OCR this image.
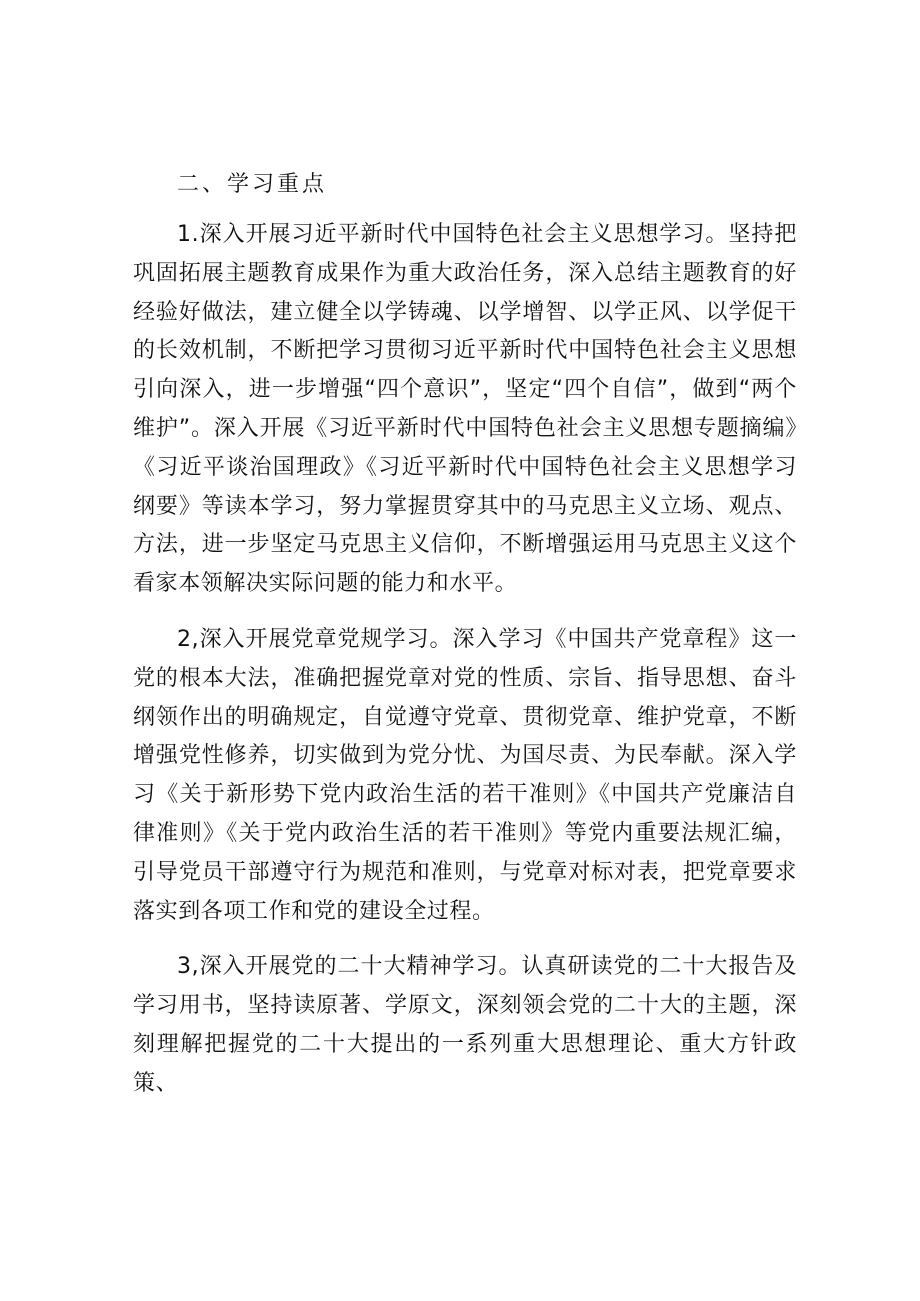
二、学习重点

1.深入开展习近平新时代中国特色社会主义思想学习。坚持把巩固拓展主题教育成果作为重大政治任务，深入总结主题教育的好经验好做法，建立健全以学铸魂、以学增智、以学正风、以学促干的长效机制，不断把学习贯彻习近平新时代中国特色社会主义思想引向深入，进一步增强“四个意识”，坚定“四个自信”，做到“两个维护”。深入开展《习近平新时代中国特色社会主义思想专题摘编》《习近平谈治国理政》《习近平新时代中国特色社会主义思想学习纲要》等读本学习，努力掌握贯穿其中的马克思主义立场、观点、方法，进一步坚定马克思主义信仰，不断增强运用马克思主义这个看家本领解决实际问题的能力和水平。

2,深入开展党章党规学习。深入学习《中国共产党章程》这一党的根本大法，准确把握党章对党的性质、宗旨、指导思想、奋斗纲领作出的明确规定，自觉遵守党章、贯彻党章、维护党章，不断增强党性修养，切实做到为党分忧、为国尽责、为民奉献。深入学习《关于新形势下党内政治生活的若干准则》《中国共产党廉洁自律准则》《关于党内政治生活的若干准则》等党内重要法规汇编，引导党员干部遵守行为规范和准则，与党章对标对表，把党章要求落实到各项工作和党的建设全过程。

3,深入开展党的二十大精神学习。认真研读党的二十大报告及学习用书，坚持读原著、学原文，深刻领会党的二十大的主题，深刻理解把握党的二十大提出的一系列重大思想理论、重大方针政策、
